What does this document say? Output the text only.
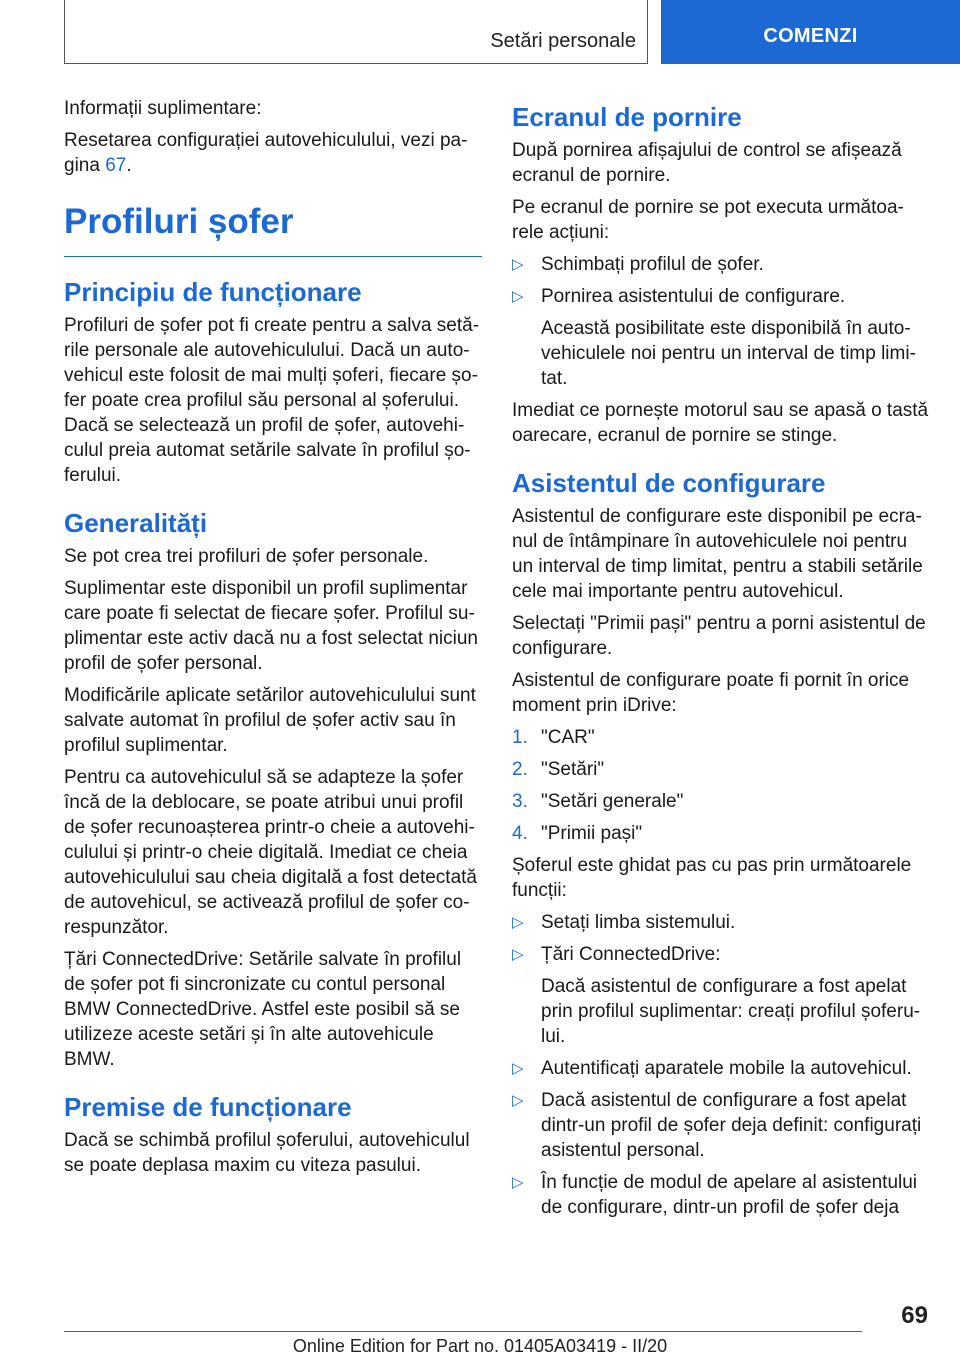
Setări personale	COMENZI

Informații suplimentare:

Resetarea configurației autovehiculului, vezi pa‐ gina 67.

Profiluri șofer
Principiu de funcționare

Profiluri de șofer pot fi create pentru a salva setă‐ rile personale ale autovehiculului. Dacă un auto‐ vehicul este folosit de mai mulți șoferi, fiecare șo‐ fer poate crea profilul său personal al șoferului. Dacă se selectează un profil de șofer, autovehi‐ culul preia automat setările salvate în profilul șo‐ ferului.

Generalități

Se pot crea trei profiluri de șofer personale.

Suplimentar este disponibil un profil suplimentar care poate fi selectat de fiecare șofer. Profilul su‐ plimentar este activ dacă nu a fost selectat niciun profil de șofer personal.

Modificările aplicate setărilor autovehiculului sunt salvate automat în profilul de șofer activ sau în profilul suplimentar.

Pentru ca autovehiculul să se adapteze la șofer încă de la deblocare, se poate atribui unui profil de șofer recunoașterea printr-o cheie a autovehi‐ culului și printr-o cheie digitală. Imediat ce cheia autovehiculului sau cheia digitală a fost detectată de autovehicul, se activează profilul de șofer co‐ respunzător.

Țări ConnectedDrive: Setările salvate în profilul de șofer pot fi sincronizate cu contul personal BMW ConnectedDrive. Astfel este posibil să se utilizeze aceste setări și în alte autovehicule BMW.

Premise de funcționare

Dacă se schimbă profilul șoferului, autovehiculul se poate deplasa maxim cu viteza pasului.

Ecranul de pornire

După pornirea afișajului de control se afișează ecranul de pornire.

Pe ecranul de pornire se pot executa următoa‐ rele acțiuni:

▷ Schimbați profilul de șofer.
▷ Pornirea asistentului de configurare.

Această posibilitate este disponibilă în auto‐ vehiculele noi pentru un interval de timp limi‐ tat.

Imediat ce pornește motorul sau se apasă o tastă oarecare, ecranul de pornire se stinge.

Asistentul de configurare

Asistentul de configurare este disponibil pe ecra‐ nul de întâmpinare în autovehiculele noi pentru un interval de timp limitat, pentru a stabili setările cele mai importante pentru autovehicul.

Selectați "Primii pași" pentru a porni asistentul de configurare.

Asistentul de configurare poate fi pornit în orice moment prin iDrive:

1. "CAR"
2. "Setări"
3. "Setări generale"
4. "Primii pași"

Șoferul este ghidat pas cu pas prin următoarele funcții:

▷ Setați limba sistemului.
▷ Țări ConnectedDrive:

Dacă asistentul de configurare a fost apelat prin profilul suplimentar: creați profilul șoferu‐ lui.

▷ Autentificați aparatele mobile la autovehicul.
▷ Dacă asistentul de configurare a fost apelat dintr-un profil de șofer deja definit: configurați asistentul personal.
▷ În funcție de modul de apelare al asistentului de configurare, dintr-un profil de șofer deja
69
Online Edition for Part no. 01405A03419 - II/20
